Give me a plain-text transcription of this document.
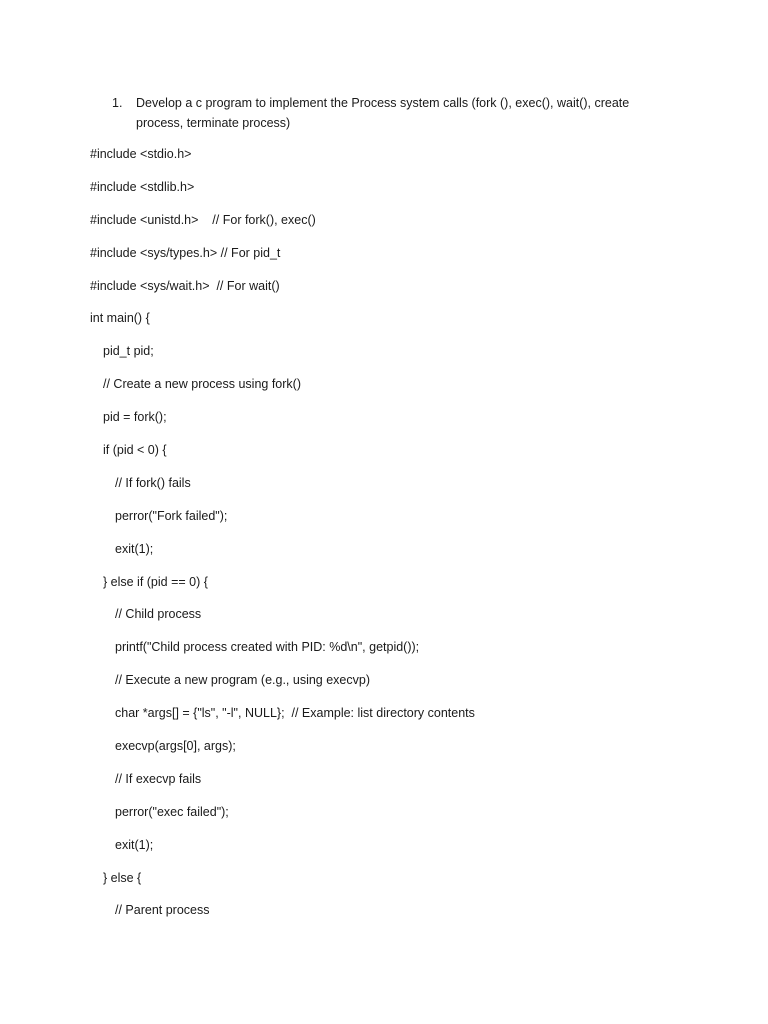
1.	Develop a c program to implement the Process system calls (fork (), exec(), wait(), create process, terminate process)
#include <stdio.h>
#include <stdlib.h>
#include <unistd.h>    // For fork(), exec()
#include <sys/types.h> // For pid_t
#include <sys/wait.h>  // For wait()
int main() {
pid_t pid;
// Create a new process using fork()
pid = fork();
if (pid < 0) {
// If fork() fails
perror("Fork failed");
exit(1);
} else if (pid == 0) {
// Child process
printf("Child process created with PID: %d\n", getpid());
// Execute a new program (e.g., using execvp)
char *args[] = {"ls", "-l", NULL};  // Example: list directory contents
execvp(args[0], args);
// If execvp fails
perror("exec failed");
exit(1);
} else {
// Parent process
